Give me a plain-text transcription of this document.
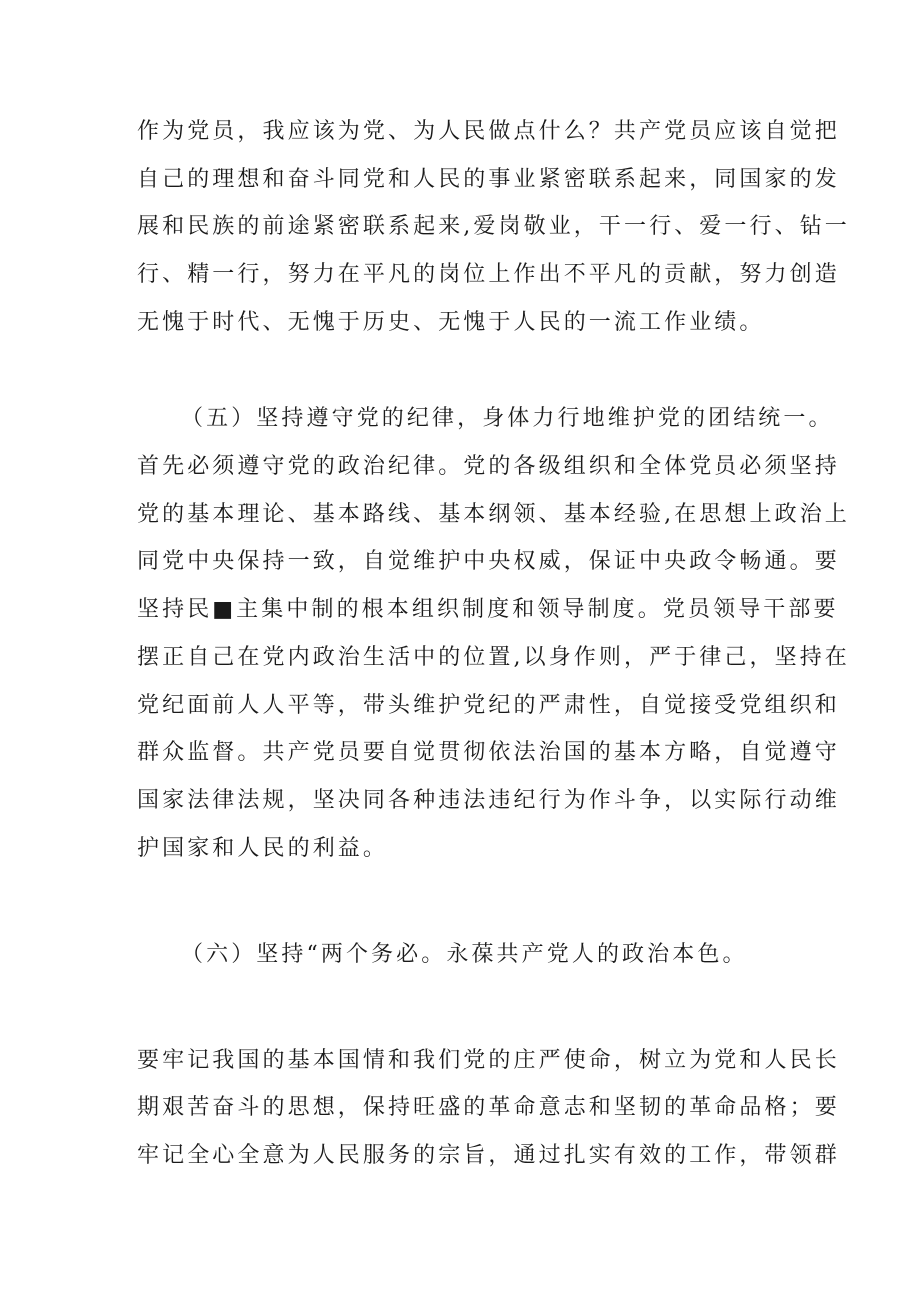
作为党员，我应该为党、为人民做点什么？共产党员应该自觉把
自己的理想和奋斗同党和人民的事业紧密联系起来，同国家的发
展和民族的前途紧密联系起来,爱岗敬业，干一行、爱一行、钻一
行、精一行，努力在平凡的岗位上作出不平凡的贡献，努力创造
无愧于时代、无愧于历史、无愧于人民的一流工作业绩。
（五）坚持遵守党的纪律，身体力行地维护党的团结统一。
首先必须遵守党的政治纪律。党的各级组织和全体党员必须坚持
党的基本理论、基本路线、基本纲领、基本经验,在思想上政治上
同党中央保持一致，自觉维护中央权威，保证中央政令畅通。要
坚持民■主集中制的根本组织制度和领导制度。党员领导干部要
摆正自己在党内政治生活中的位置,以身作则，严于律己，坚持在
党纪面前人人平等，带头维护党纪的严肃性，自觉接受党组织和
群众监督。共产党员要自觉贯彻依法治国的基本方略，自觉遵守
国家法律法规，坚决同各种违法违纪行为作斗争，以实际行动维
护国家和人民的利益。
（六）坚持“两个务必。永葆共产党人的政治本色。
要牢记我国的基本国情和我们党的庄严使命，树立为党和人民长
期艰苦奋斗的思想，保持旺盛的革命意志和坚韧的革命品格；要
牢记全心全意为人民服务的宗旨，通过扎实有效的工作，带领群
